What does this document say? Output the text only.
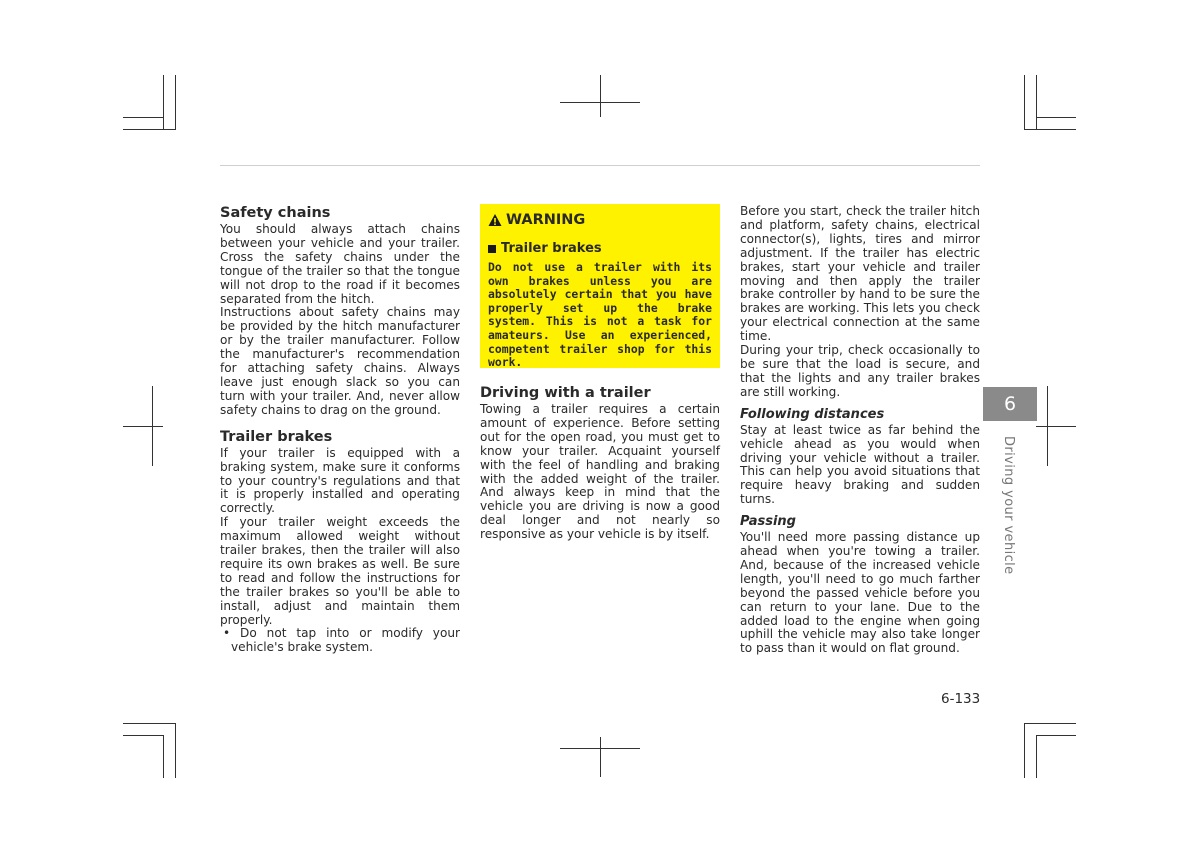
Safety chains

You should always attach chains between your vehicle and your trailer. Cross the safety chains under the tongue of the trailer so that the tongue will not drop to the road if it becomes separated from the hitch.

Instructions about safety chains may be provided by the hitch manufacturer or by the trailer manufacturer. Follow the manufacturer's recommendation for attaching safety chains. Always leave just enough slack so you can turn with your trailer. And, never allow safety chains to drag on the ground.

Trailer brakes

If your trailer is equipped with a braking system, make sure it conforms to your country's regulations and that it is properly installed and operating correctly.

If your trailer weight exceeds the maximum allowed weight without trailer brakes, then the trailer will also require its own brakes as well. Be sure to read and follow the instructions for the trailer brakes so you'll be able to install, adjust and maintain them properly.

• Do not tap into or modify your vehicle's brake system.

WARNING
Trailer brakes
Do not use a trailer with its own brakes unless you are absolutely certain that you have properly set up the brake system. This is not a task for amateurs. Use an experienced, competent trailer shop for this work.
Driving with a trailer

Towing a trailer requires a certain amount of experience. Before setting out for the open road, you must get to know your trailer. Acquaint yourself with the feel of handling and braking with the added weight of the trailer. And always keep in mind that the vehicle you are driving is now a good deal longer and not nearly so responsive as your vehicle is by itself.

Before you start, check the trailer hitch and platform, safety chains, electrical connector(s), lights, tires and mirror adjustment. If the trailer has electric brakes, start your vehicle and trailer moving and then apply the trailer brake controller by hand to be sure the brakes are working. This lets you check your electrical connection at the same time.

During your trip, check occasionally to be sure that the load is secure, and that the lights and any trailer brakes are still working.

Following distances

Stay at least twice as far behind the vehicle ahead as you would when driving your vehicle without a trailer. This can help you avoid situations that require heavy braking and sudden turns.

Passing

You'll need more passing distance up ahead when you're towing a trailer. And, because of the increased vehicle length, you'll need to go much farther beyond the passed vehicle before you can return to your lane. Due to the added load to the engine when going uphill the vehicle may also take longer to pass than it would on flat ground.

6
Driving your vehicle
6-133
